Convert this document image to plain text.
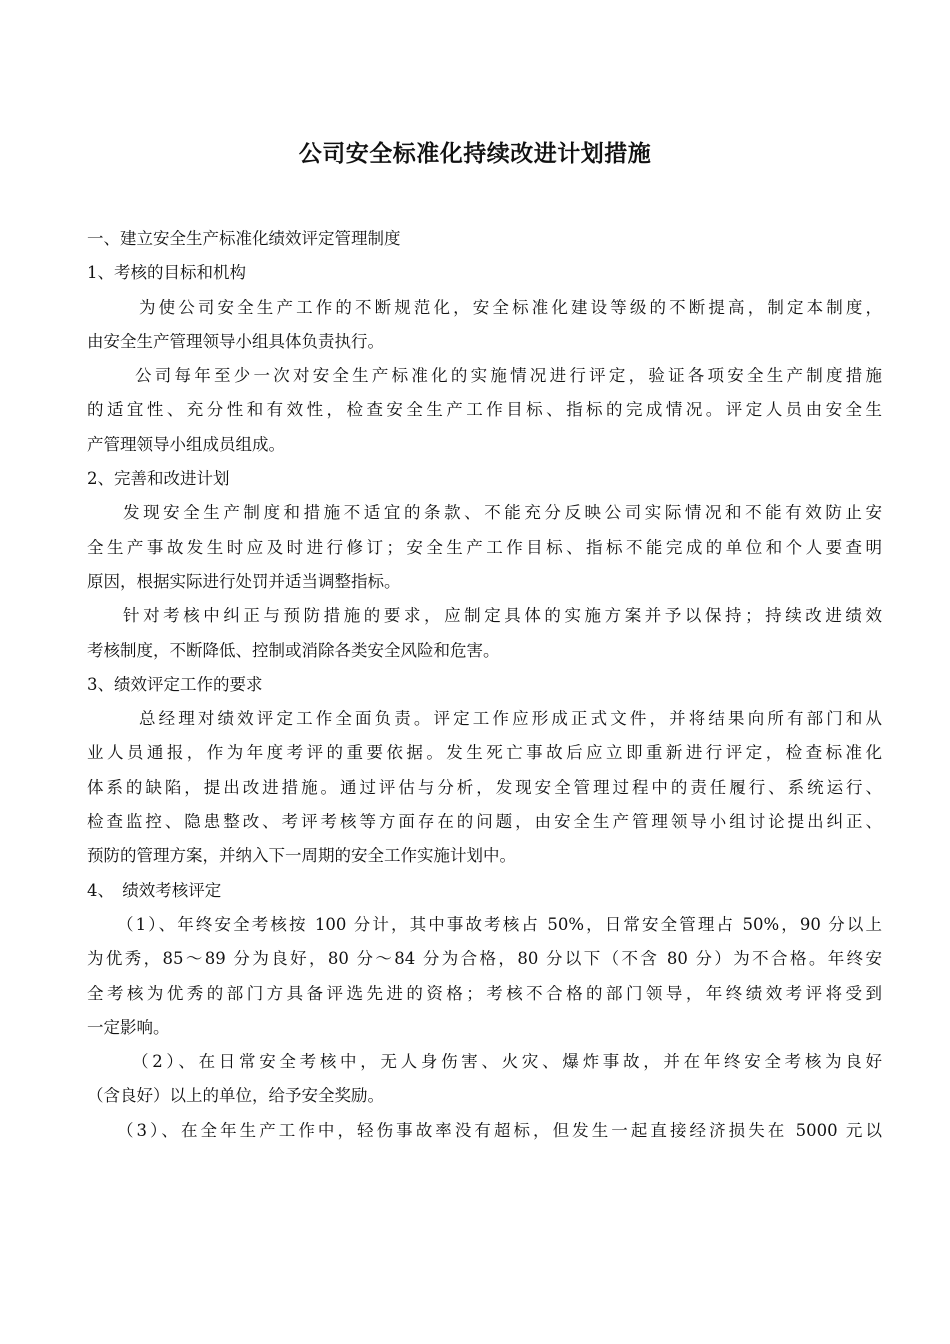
公司安全标准化持续改进计划措施
一、建立安全生产标准化绩效评定管理制度
1、考核的目标和机构
为使公司安全生产工作的不断规范化，安全标准化建设等级的不断提高，制定本制度，
由安全生产管理领导小组具体负责执行。
公司每年至少一次对安全生产标准化的实施情况进行评定，验证各项安全生产制度措施
的适宜性、充分性和有效性，检查安全生产工作目标、指标的完成情况。评定人员由安全生
产管理领导小组成员组成。
2、完善和改进计划
发现安全生产制度和措施不适宜的条款、不能充分反映公司实际情况和不能有效防止安
全生产事故发生时应及时进行修订；安全生产工作目标、指标不能完成的单位和个人要查明
原因，根据实际进行处罚并适当调整指标。
针对考核中纠正与预防措施的要求，应制定具体的实施方案并予以保持；持续改进绩效
考核制度，不断降低、控制或消除各类安全风险和危害。
3、绩效评定工作的要求
总经理对绩效评定工作全面负责。评定工作应形成正式文件，并将结果向所有部门和从
业人员通报，作为年度考评的重要依据。发生死亡事故后应立即重新进行评定，检查标准化
体系的缺陷，提出改进措施。通过评估与分析，发现安全管理过程中的责任履行、系统运行、
检查监控、隐患整改、考评考核等方面存在的问题，由安全生产管理领导小组讨论提出纠正、
预防的管理方案，并纳入下一周期的安全工作实施计划中。
4、　绩效考核评定
（1）、年终安全考核按 100 分计，其中事故考核占 50%，日常安全管理占 50%，90 分以上
为优秀，85～89 分为良好，80 分～84 分为合格，80 分以下（不含 80 分）为不合格。年终安
全考核为优秀的部门方具备评选先进的资格；考核不合格的部门领导，年终绩效考评将受到
一定影响。
（2）、在日常安全考核中，无人身伤害、火灾、爆炸事故，并在年终安全考核为良好
（含良好）以上的单位，给予安全奖励。
（3）、在全年生产工作中，轻伤事故率没有超标，但发生一起直接经济损失在 5000 元以
